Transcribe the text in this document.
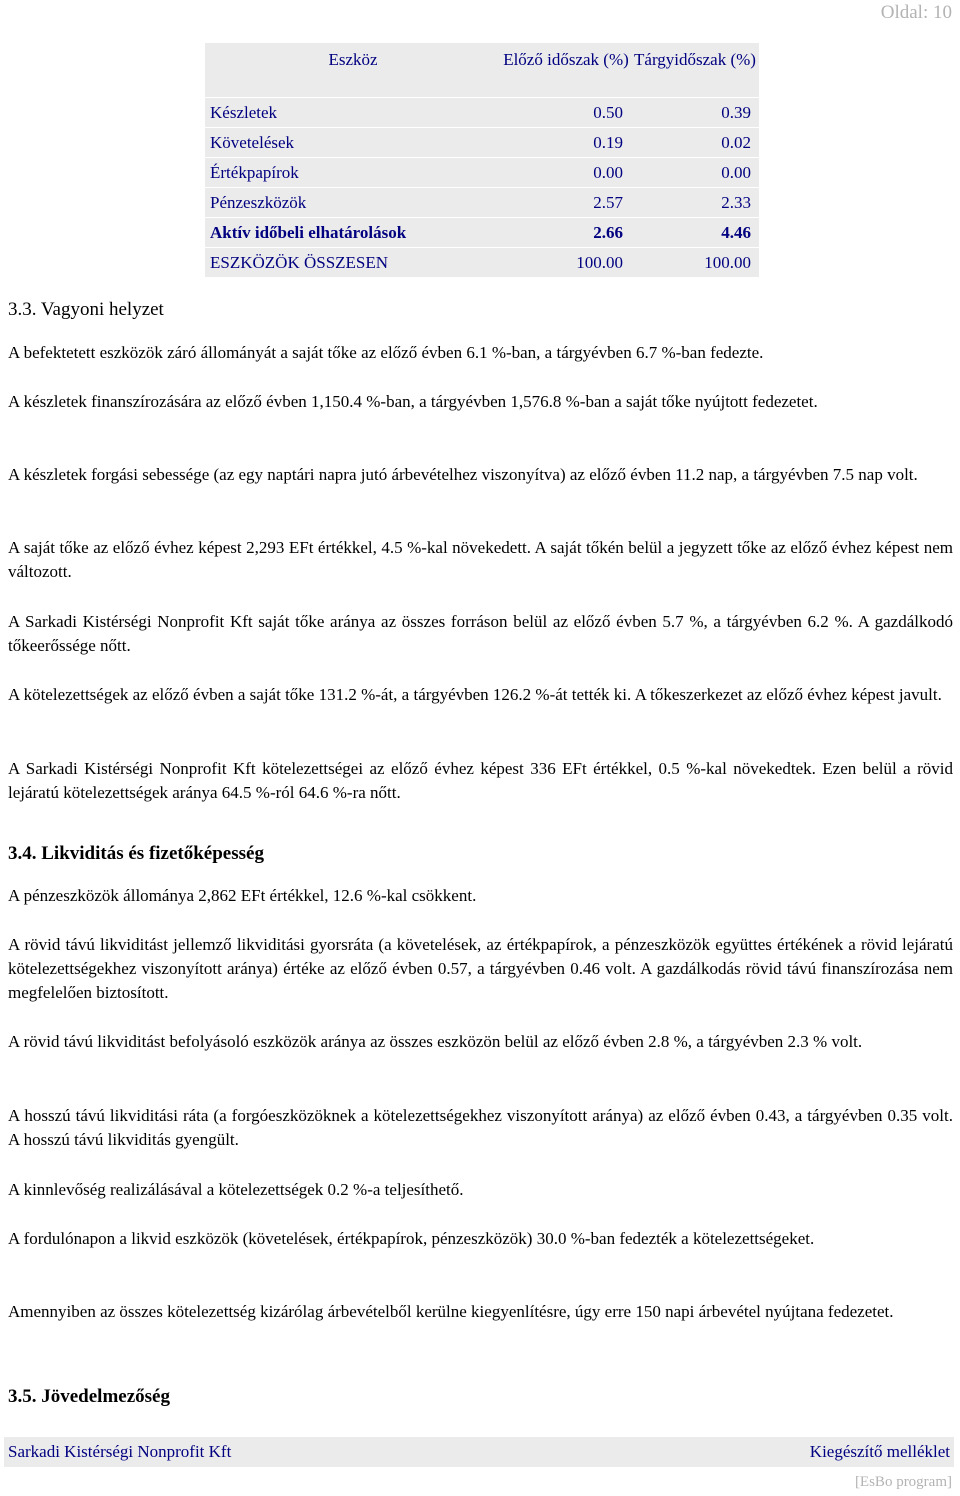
Oldal: 10
Eszköz	Előző időszak (%)	Tárgyidőszak (%)
Készletek	0.50	0.39
Követelések	0.19	0.02
Értékpapírok	0.00	0.00
Pénzeszközök	2.57	2.33
Aktív időbeli elhatárolások	2.66	4.46
ESZKÖZÖK ÖSSZESEN	100.00	100.00
3.3. Vagyoni helyzet

A befektetett eszközök záró állományát a saját tőke az előző évben 6.1 %-ban, a tárgyévben 6.7 %-ban fedezte.

A készletek finanszírozására az előző évben 1,150.4 %-ban, a tárgyévben 1,576.8 %-ban a saját tőke nyújtott fedezetet.

A készletek forgási sebessége (az egy naptári napra jutó árbevételhez viszonyítva) az előző évben 11.2 nap, a tárgyévben 7.5 nap volt.

A saját tőke az előző évhez képest 2,293 EFt értékkel, 4.5 %-kal növekedett. A saját tőkén belül a jegyzett tőke az előző évhez képest nem változott.

A Sarkadi Kistérségi Nonprofit Kft saját tőke aránya az összes forráson belül az előző évben 5.7 %, a tárgyévben 6.2 %. A gazdálkodó tőkeerőssége nőtt.

A kötelezettségek az előző évben a saját tőke 131.2 %-át, a tárgyévben 126.2 %-át tették ki. A tőkeszerkezet az előző évhez képest javult.

A Sarkadi Kistérségi Nonprofit Kft kötelezettségei az előző évhez képest 336 EFt értékkel, 0.5 %-kal növekedtek. Ezen belül a rövid lejáratú kötelezettségek aránya 64.5 %-ról 64.6 %-ra nőtt.

3.4. Likviditás és fizetőképesség

A pénzeszközök állománya 2,862 EFt értékkel, 12.6 %-kal csökkent.

A rövid távú likviditást jellemző likviditási gyorsráta (a követelések, az értékpapírok, a pénzeszközök együttes értékének a rövid lejáratú kötelezettségekhez viszonyított aránya) értéke az előző évben 0.57, a tárgyévben 0.46 volt. A gazdálkodás rövid távú finanszírozása nem megfelelően biztosított.

A rövid távú likviditást befolyásoló eszközök aránya az összes eszközön belül az előző évben 2.8 %, a tárgyévben 2.3 % volt.

A hosszú távú likviditási ráta (a forgóeszközöknek a kötelezettségekhez viszonyított aránya) az előző évben 0.43, a tárgyévben 0.35 volt. A hosszú távú likviditás gyengült.

A kinnlevőség realizálásával a kötelezettségek 0.2 %-a teljesíthető.

A fordulónapon a likvid eszközök (követelések, értékpapírok, pénzeszközök) 30.0 %-ban fedezték a kötelezettségeket.

Amennyiben az összes kötelezettség kizárólag árbevételből kerülne kiegyenlítésre, úgy erre 150 napi árbevétel nyújtana fedezetet.

3.5. Jövedelmezőség
Sarkadi Kistérségi Nonprofit Kft	Kiegészítő melléklet
[EsBo program]
